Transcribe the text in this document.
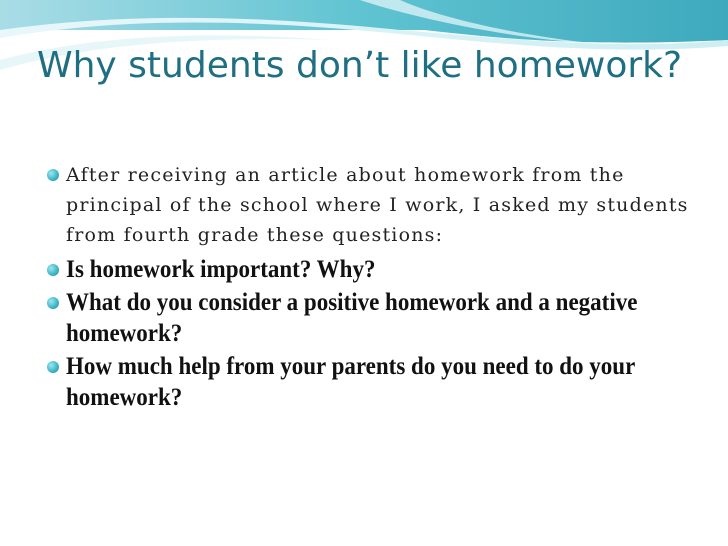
Why students don’t like homework?
After receiving an article about homework from the principal of the school where I work, I asked my students from fourth grade these questions:
Is homework important? Why?
What do you consider a positive homework and a negative homework?
How much help from your parents do you need to do your homework?
